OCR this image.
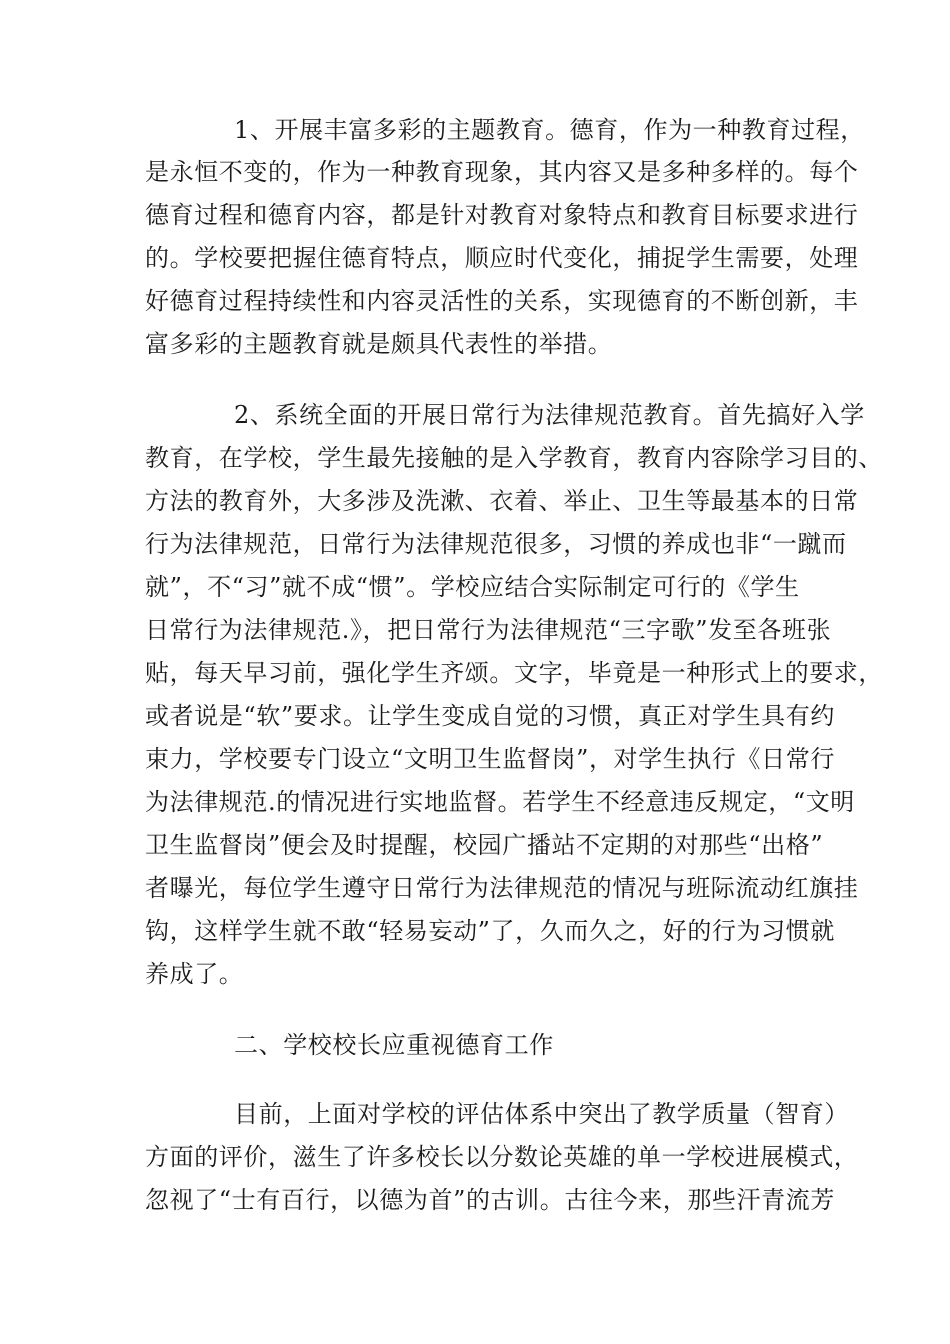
1、开展丰富多彩的主题教育。德育，作为一种教育过程，
是永恒不变的，作为一种教育现象，其内容又是多种多样的。每个
德育过程和德育内容，都是针对教育对象特点和教育目标要求进行
的。学校要把握住德育特点，顺应时代变化，捕捉学生需要，处理
好德育过程持续性和内容灵活性的关系，实现德育的不断创新，丰
富多彩的主题教育就是颇具代表性的举措。
2、系统全面的开展日常行为法律规范教育。首先搞好入学
教育，在学校，学生最先接触的是入学教育，教育内容除学习目的、
方法的教育外，大多涉及洗漱、衣着、举止、卫生等最基本的日常
行为法律规范，日常行为法律规范很多，习惯的养成也非“一蹴而
就”，不“习”就不成“惯”。学校应结合实际制定可行的《学生
日常行为法律规范.》，把日常行为法律规范“三字歌”发至各班张
贴，每天早习前，强化学生齐颂。文字，毕竟是一种形式上的要求，
或者说是“软”要求。让学生变成自觉的习惯，真正对学生具有约
束力，学校要专门设立“文明卫生监督岗”，对学生执行《日常行
为法律规范.的情况进行实地监督。若学生不经意违反规定，“文明
卫生监督岗”便会及时提醒，校园广播站不定期的对那些“出格”
者曝光，每位学生遵守日常行为法律规范的情况与班际流动红旗挂
钩，这样学生就不敢“轻易妄动”了，久而久之，好的行为习惯就
养成了。
二、学校校长应重视德育工作
目前，上面对学校的评估体系中突出了教学质量（智育）
方面的评价，滋生了许多校长以分数论英雄的单一学校进展模式，
忽视了“士有百行，以德为首”的古训。古往今来，那些汗青流芳
